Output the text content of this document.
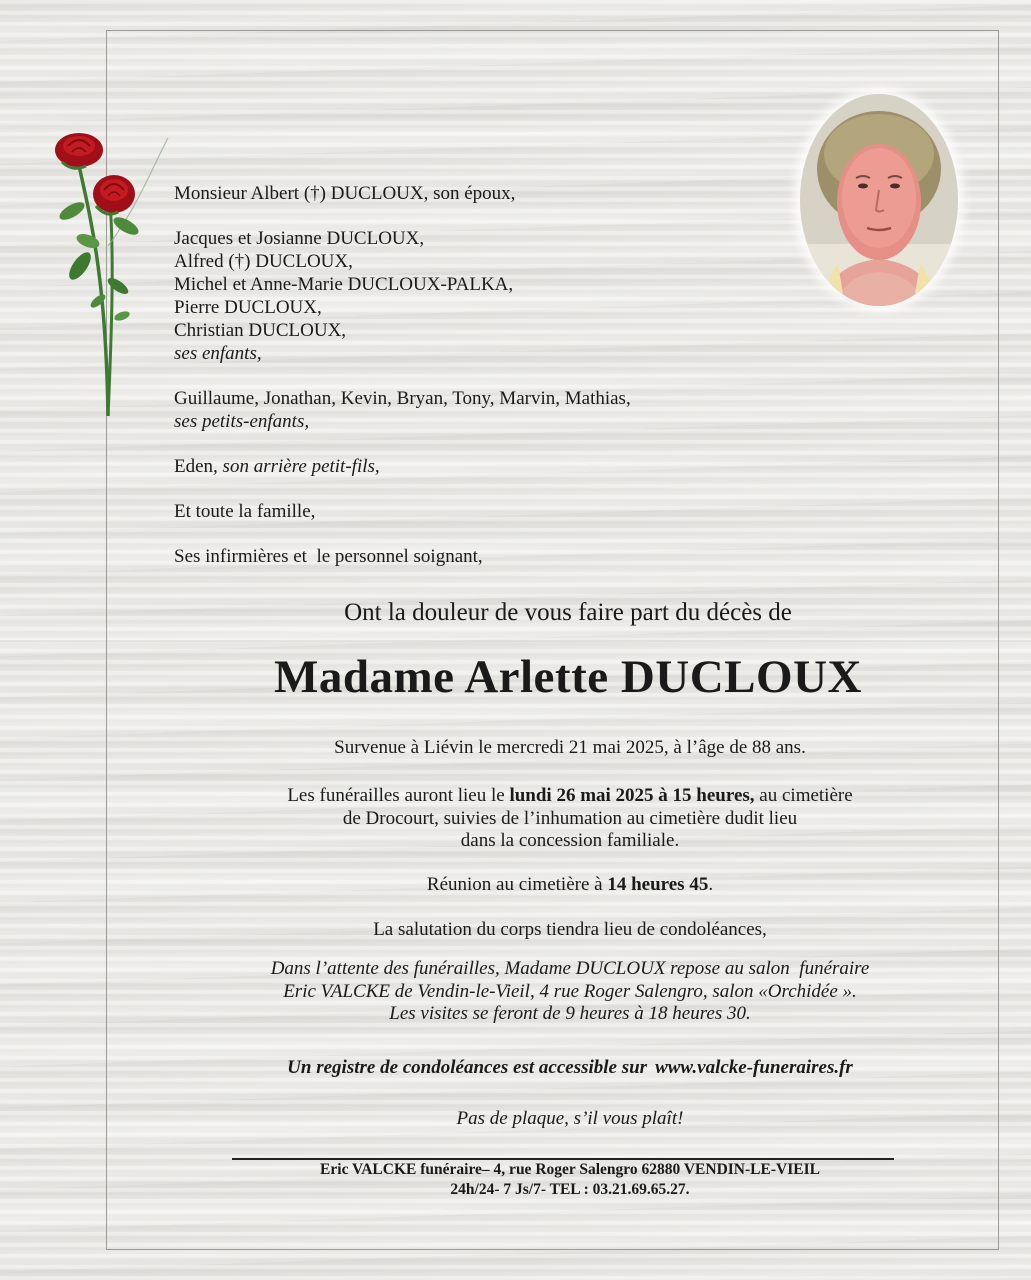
Monsieur Albert (†) DUCLOUX, son époux,
Jacques et Josianne DUCLOUX,
Alfred (†) DUCLOUX,
Michel et Anne-Marie DUCLOUX-PALKA,
Pierre DUCLOUX,
Christian DUCLOUX,
ses enfants,
Guillaume, Jonathan, Kevin, Bryan, Tony, Marvin, Mathias,
ses petits-enfants,
Eden, son arrière petit-fils,
Et toute la famille,
Ses infirmières et  le personnel soignant,
Ont la douleur de vous faire part du décès de
Madame Arlette DUCLOUX
Survenue à Liévin le mercredi 21 mai 2025, à l’âge de 88 ans.
Les funérailles auront lieu le lundi 26 mai 2025 à 15 heures, au cimetière
de Drocourt, suivies de l’inhumation au cimetière dudit lieu
dans la concession familiale.
Réunion au cimetière à 14 heures 45.
La salutation du corps tiendra lieu de condoléances,
Dans l’attente des funérailles, Madame DUCLOUX repose au salon  funéraire
Eric VALCKE de Vendin-le-Vieil, 4 rue Roger Salengro, salon «Orchidée ».
Les visites se feront de 9 heures à 18 heures 30.
Un registre de condoléances est accessible sur www.valcke-funeraires.fr
Pas de plaque, s’il vous plaît!
Eric VALCKE funéraire– 4, rue Roger Salengro 62880 VENDIN-LE-VIEIL
24h/24- 7 Js/7- TEL : 03.21.69.65.27.
